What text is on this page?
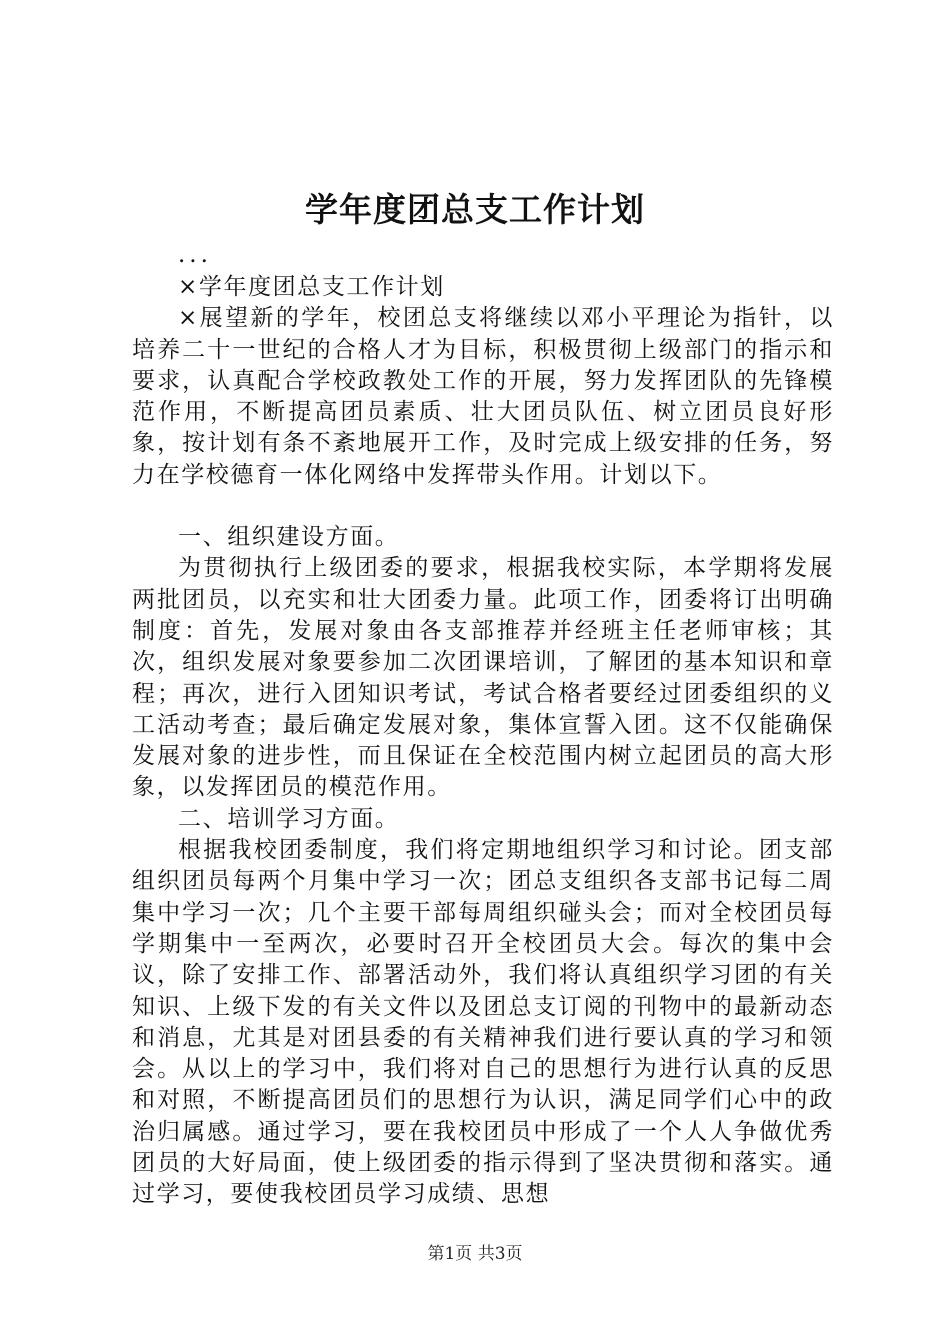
学年度团总支工作计划

...

×学年度团总支工作计划

×展望新的学年，校团总支将继续以邓小平理论为指针，以培养二十一世纪的合格人才为目标，积极贯彻上级部门的指示和要求，认真配合学校政教处工作的开展，努力发挥团队的先锋模范作用，不断提高团员素质、壮大团员队伍、树立团员良好形象，按计划有条不紊地展开工作，及时完成上级安排的任务，努力在学校德育一体化网络中发挥带头作用。计划以下。

一、组织建设方面。

为贯彻执行上级团委的要求，根据我校实际，本学期将发展两批团员，以充实和壮大团委力量。此项工作，团委将订出明确制度：首先，发展对象由各支部推荐并经班主任老师审核；其次，组织发展对象要参加二次团课培训，了解团的基本知识和章程；再次，进行入团知识考试，考试合格者要经过团委组织的义工活动考查；最后确定发展对象，集体宣誓入团。这不仅能确保发展对象的进步性，而且保证在全校范围内树立起团员的高大形象，以发挥团员的模范作用。

二、培训学习方面。

根据我校团委制度，我们将定期地组织学习和讨论。团支部组织团员每两个月集中学习一次；团总支组织各支部书记每二周集中学习一次；几个主要干部每周组织碰头会；而对全校团员每学期集中一至两次，必要时召开全校团员大会。每次的集中会议，除了安排工作、部署活动外，我们将认真组织学习团的有关知识、上级下发的有关文件以及团总支订阅的刊物中的最新动态和消息，尤其是对团县委的有关精神我们进行要认真的学习和领会。从以上的学习中，我们将对自己的思想行为进行认真的反思和对照，不断提高团员们的思想行为认识，满足同学们心中的政治归属感。通过学习，要在我校团员中形成了一个人人争做优秀团员的大好局面，使上级团委的指示得到了坚决贯彻和落实。通过学习，要使我校团员学习成绩、思想

第1页 共3页
